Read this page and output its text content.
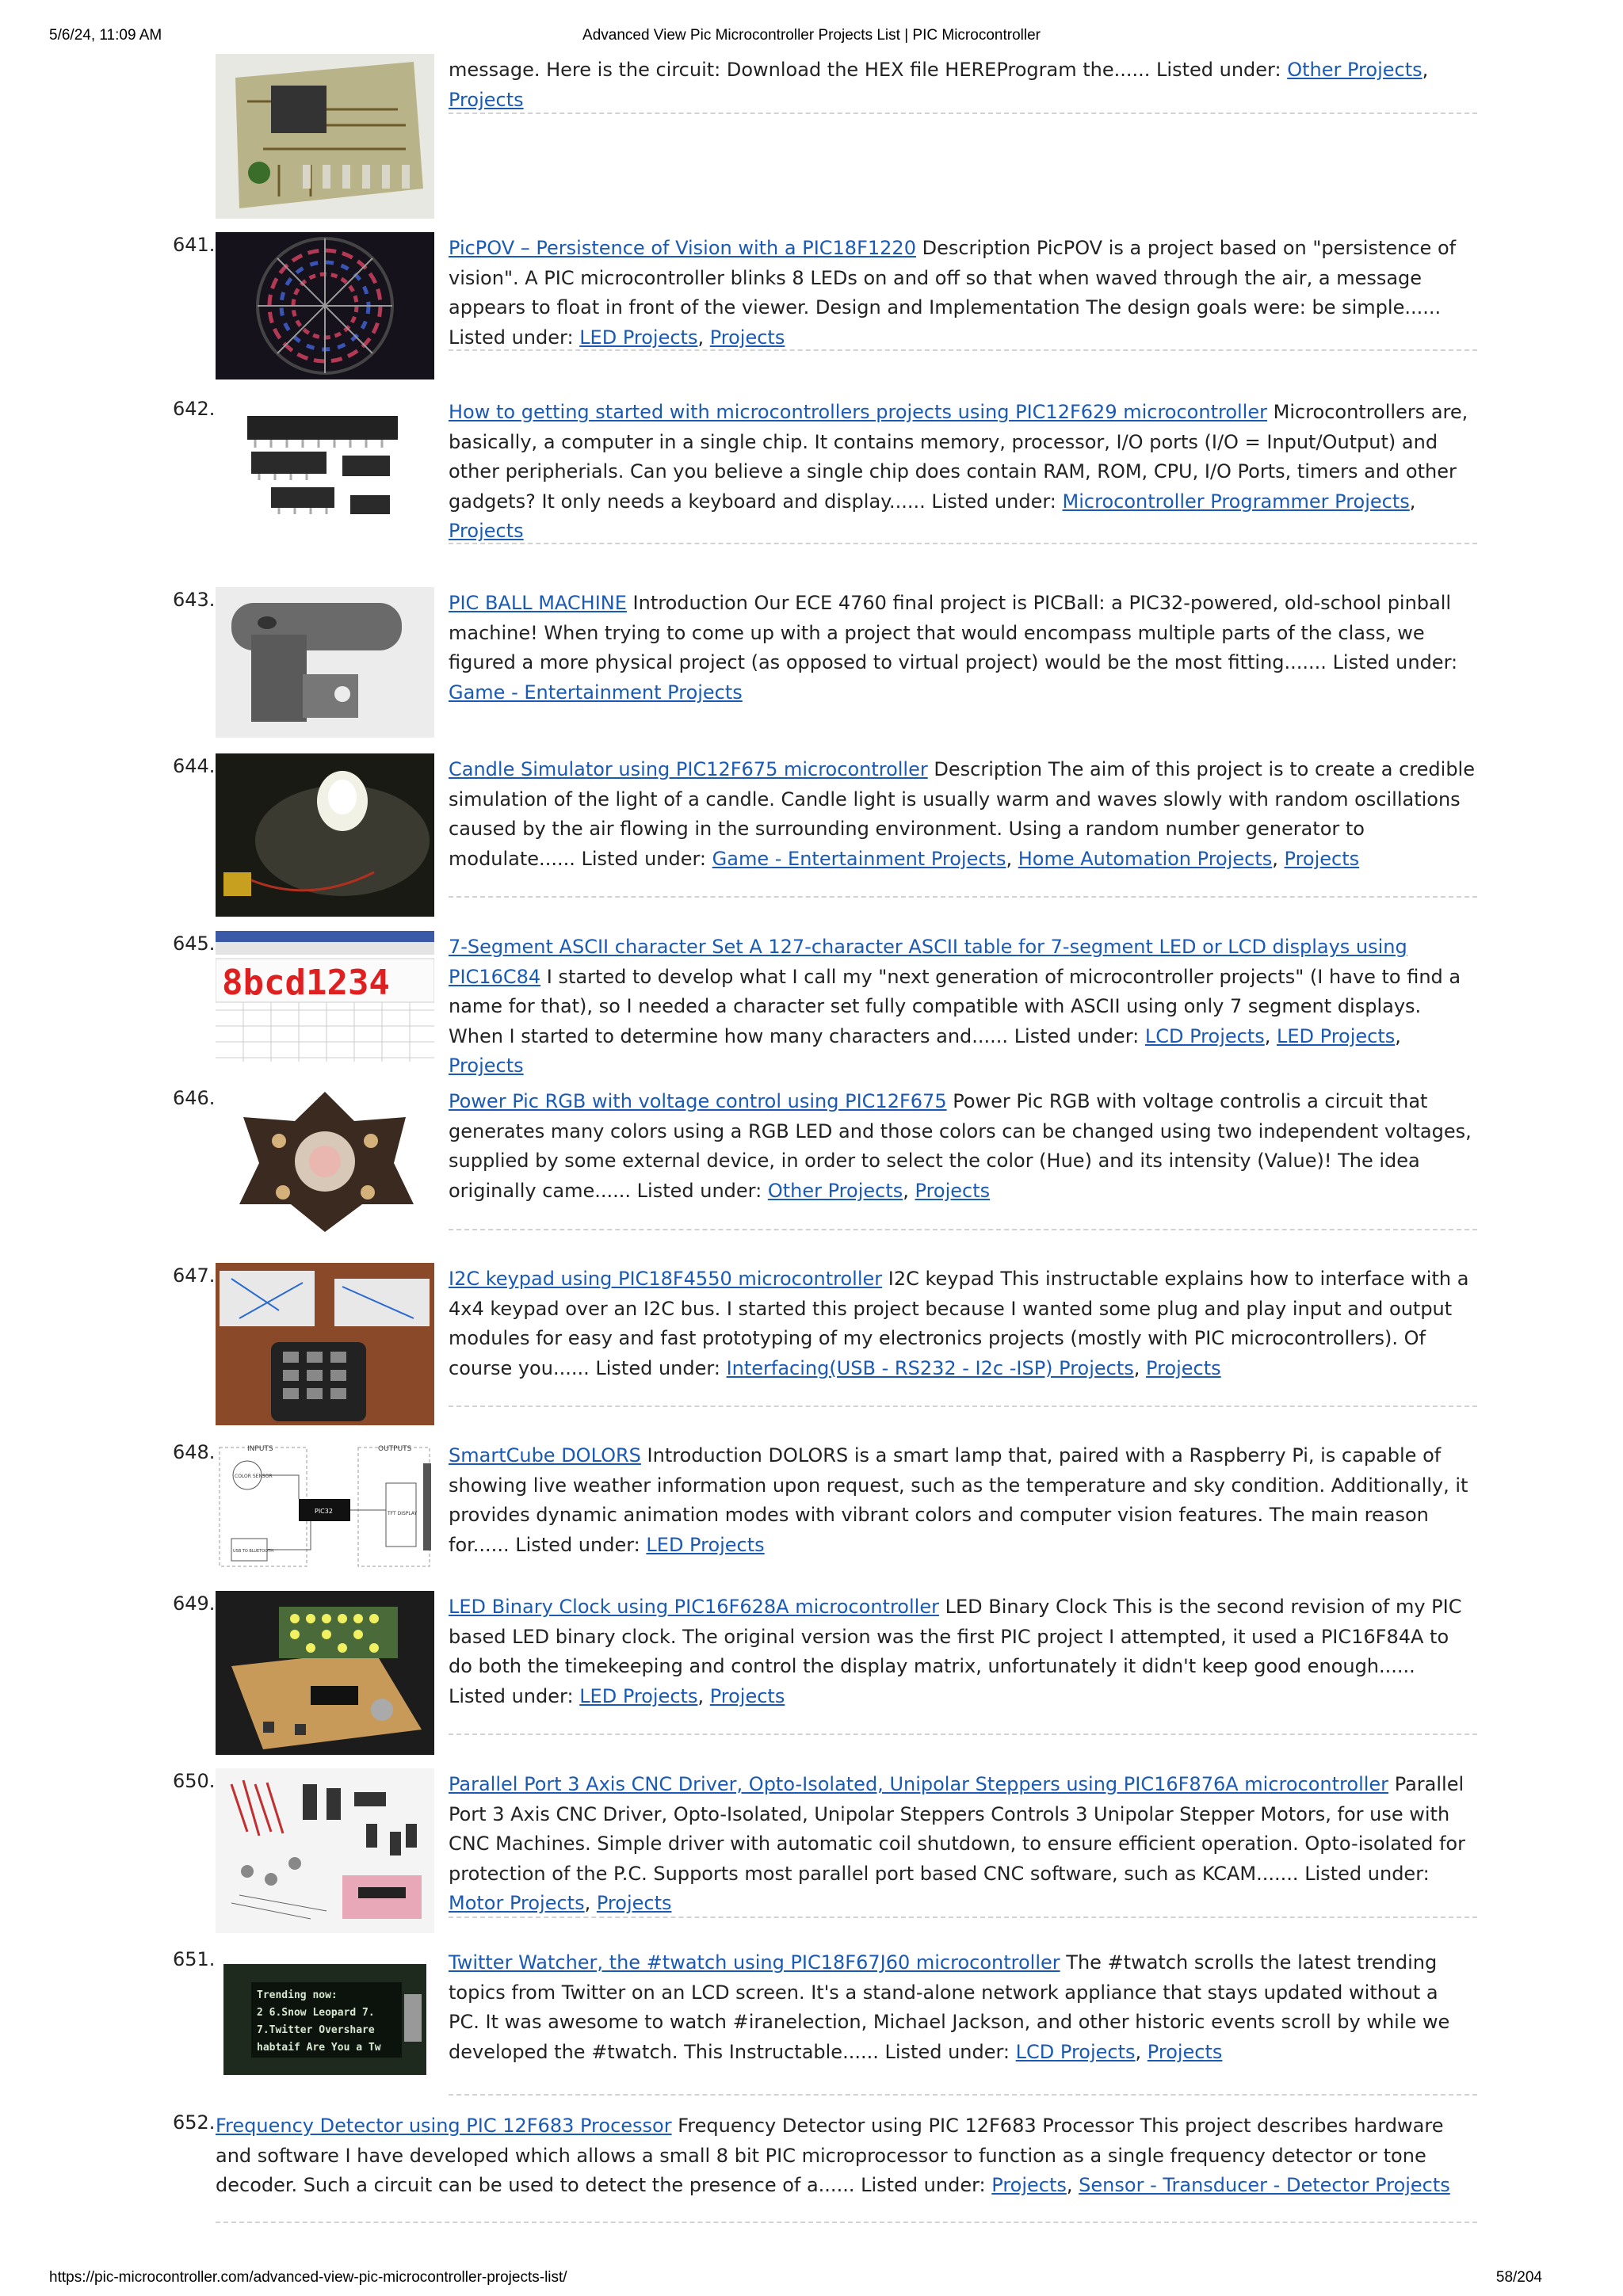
5/6/24, 11:09 AM	Advanced View Pic Microcontroller Projects List | PIC Microcontroller
message. Here is the circuit: Download the HEX file HEREProgram the...... Listed under: Other Projects, Projects
641.	PicPOV – Persistence of Vision with a PIC18F1220 Description PicPOV is a project based on "persistence of vision". A PIC microcontroller blinks 8 LEDs on and off so that when waved through the air, a message appears to float in front of the viewer. Design and Implementation The design goals were: be simple...... Listed under: LED Projects, Projects
642.	How to getting started with microcontrollers projects using PIC12F629 microcontroller Microcontrollers are, basically, a computer in a single chip. It contains memory, processor, I/O ports (I/O = Input/Output) and other peripherials. Can you believe a single chip does contain RAM, ROM, CPU, I/O Ports, timers and other gadgets? It only needs a keyboard and display...... Listed under: Microcontroller Programmer Projects, Projects
643.	PIC BALL MACHINE Introduction Our ECE 4760 final project is PICBall: a PIC32-powered, old-school pinball machine! When trying to come up with a project that would encompass multiple parts of the class, we figured a more physical project (as opposed to virtual project) would be the most fitting....... Listed under: Game - Entertainment Projects
644.	Candle Simulator using PIC12F675 microcontroller Description The aim of this project is to create a credible simulation of the light of a candle. Candle light is usually warm and waves slowly with random oscillations caused by the air flowing in the surrounding environment. Using a random number generator to modulate...... Listed under: Game - Entertainment Projects, Home Automation Projects, Projects
645.
8bcd1234
7-Segment ASCII character Set A 127-character ASCII table for 7-segment LED or LCD displays using PIC16C84 I started to develop what I call my "next generation of microcontroller projects" (I have to find a name for that), so I needed a character set fully compatible with ASCII using only 7 segment displays. When I started to determine how many characters and...... Listed under: LCD Projects, LED Projects, Projects
646.	Power Pic RGB with voltage control using PIC12F675 Power Pic RGB with voltage controlis a circuit that generates many colors using a RGB LED and those colors can be changed using two independent voltages, supplied by some external device, in order to select the color (Hue) and its intensity (Value)! The idea originally came...... Listed under: Other Projects, Projects
647.	I2C keypad using PIC18F4550 microcontroller I2C keypad This instructable explains how to interface with a 4x4 keypad over an I2C bus. I started this project because I wanted some plug and play input and output modules for easy and fast prototyping of my electronics projects (mostly with PIC microcontrollers). Of course you...... Listed under: Interfacing(USB - RS232 - I2c -ISP) Projects, Projects
648.	INPUTS	OUTPUTS
COLOR SENSOR
USB TO BLUETOOTH
PIC32	TFT DISPLAY
SmartCube DOLORS Introduction DOLORS is a smart lamp that, paired with a Raspberry Pi, is capable of showing live weather information upon request, such as the temperature and sky condition. Additionally, it provides dynamic animation modes with vibrant colors and computer vision features. The main reason for...... Listed under: LED Projects
649.	LED Binary Clock using PIC16F628A microcontroller LED Binary Clock This is the second revision of my PIC based LED binary clock. The original version was the first PIC project I attempted, it used a PIC16F84A to do both the timekeeping and control the display matrix, unfortunately it didn't keep good enough...... Listed under: LED Projects, Projects
650.	Parallel Port 3 Axis CNC Driver, Opto-Isolated, Unipolar Steppers using PIC16F876A microcontroller Parallel Port 3 Axis CNC Driver, Opto-Isolated, Unipolar Steppers Controls 3 Unipolar Stepper Motors, for use with CNC Machines. Simple driver with automatic coil shutdown, to ensure efficient operation. Opto-isolated for protection of the P.C. Supports most parallel port based CNC software, such as KCAM....... Listed under: Motor Projects, Projects
651.
Trending now:
2 6.Snow Leopard 7.
7.Twitter Overshare
habtaif Are You a Tw
Twitter Watcher, the #twatch using PIC18F67J60 microcontroller The #twatch scrolls the latest trending topics from Twitter on an LCD screen. It's a stand-alone network appliance that stays updated without a PC. It was awesome to watch #iranelection, Michael Jackson, and other historic events scroll by while we developed the #twatch. This Instructable...... Listed under: LCD Projects, Projects
652. Frequency Detector using PIC 12F683 Processor Frequency Detector using PIC 12F683 Processor This project describes hardware and software I have developed which allows a small 8 bit PIC microprocessor to function as a single frequency detector or tone decoder. Such a circuit can be used to detect the presence of a...... Listed under: Projects, Sensor - Transducer - Detector Projects
https://pic-microcontroller.com/advanced-view-pic-microcontroller-projects-list/	58/204
